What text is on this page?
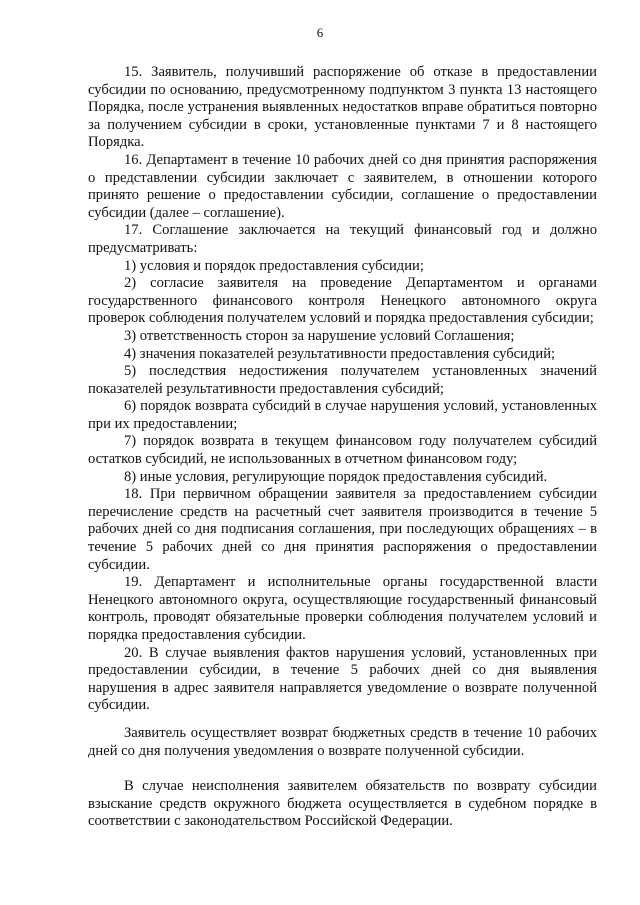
6

15. Заявитель, получивший распоряжение об отказе в предоставлении субсидии по основанию, предусмотренному подпунктом 3 пункта 13 настоящего Порядка, после устранения выявленных недостатков вправе обратиться повторно за получением субсидии в сроки, установленные пунктами 7 и 8 настоящего Порядка.

16. Департамент в течение 10 рабочих дней со дня принятия распоряжения о представлении субсидии заключает с заявителем, в отношении которого принято решение о предоставлении субсидии, соглашение о предоставлении субсидии (далее – соглашение).

17. Соглашение заключается на текущий финансовый год и должно предусматривать:

1) условия и порядок предоставления субсидии;

2) согласие заявителя на проведение Департаментом и органами государственного финансового контроля Ненецкого автономного округа проверок соблюдения получателем условий и порядка предоставления субсидии;

3) ответственность сторон за нарушение условий Соглашения;

4) значения показателей результативности предоставления субсидий;

5) последствия недостижения получателем установленных значений показателей результативности предоставления субсидий;

6) порядок возврата субсидий в случае нарушения условий, установленных при их предоставлении;

7) порядок возврата в текущем финансовом году получателем субсидий остатков субсидий, не использованных в отчетном финансовом году;

8) иные условия, регулирующие порядок предоставления субсидий.

18. При первичном обращении заявителя за предоставлением субсидии перечисление средств на расчетный счет заявителя производится в течение 5 рабочих дней со дня подписания соглашения, при последующих обращениях – в течение 5 рабочих дней со дня принятия распоряжения о предоставлении субсидии.

19. Департамент и исполнительные органы государственной власти Ненецкого автономного округа, осуществляющие государственный финансовый контроль, проводят обязательные проверки соблюдения получателем условий и порядка предоставления субсидии.

20. В случае выявления фактов нарушения условий, установленных при предоставлении субсидии, в течение 5 рабочих дней со дня выявления нарушения в адрес заявителя направляется уведомление о возврате полученной субсидии.

Заявитель осуществляет возврат бюджетных средств в течение 10 рабочих дней со дня получения уведомления о возврате полученной субсидии.

В случае неисполнения заявителем обязательств по возврату субсидии взыскание средств окружного бюджета осуществляется в судебном порядке в соответствии с законодательством Российской Федерации.
